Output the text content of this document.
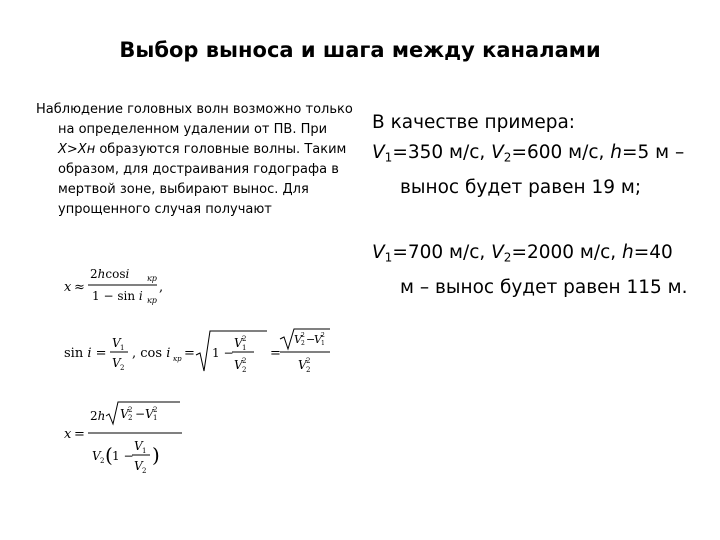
Выбор выноса и шага между каналами
Наблюдение головных волн возможно только на определенном удалении от ПВ. При X>Xн образуются головные волны. Таким образом, для достраивания годографа в мертвой зоне, выбирают вынос. Для упрощенного случая получают
x ≈
2hcosi кр
1 − sin i кр
,
sin i =
V 1
V 2
, cos i кр = 1 −
V 2
1
V 2
2
=
V 2
2 −
V 2
1
V 2
2
x =
2h V 2
2 − V 2
1
V 2 ( 1 −
V 1
V 2
)

В качестве примера:

$V_1=350$ м/с, $V_2=600$ м/с, h=5 м – вынос будет равен 19 м;

$V_1=700$ м/с, $V_2=2000$ м/с, h=40 м – вынос будет равен 115 м.
